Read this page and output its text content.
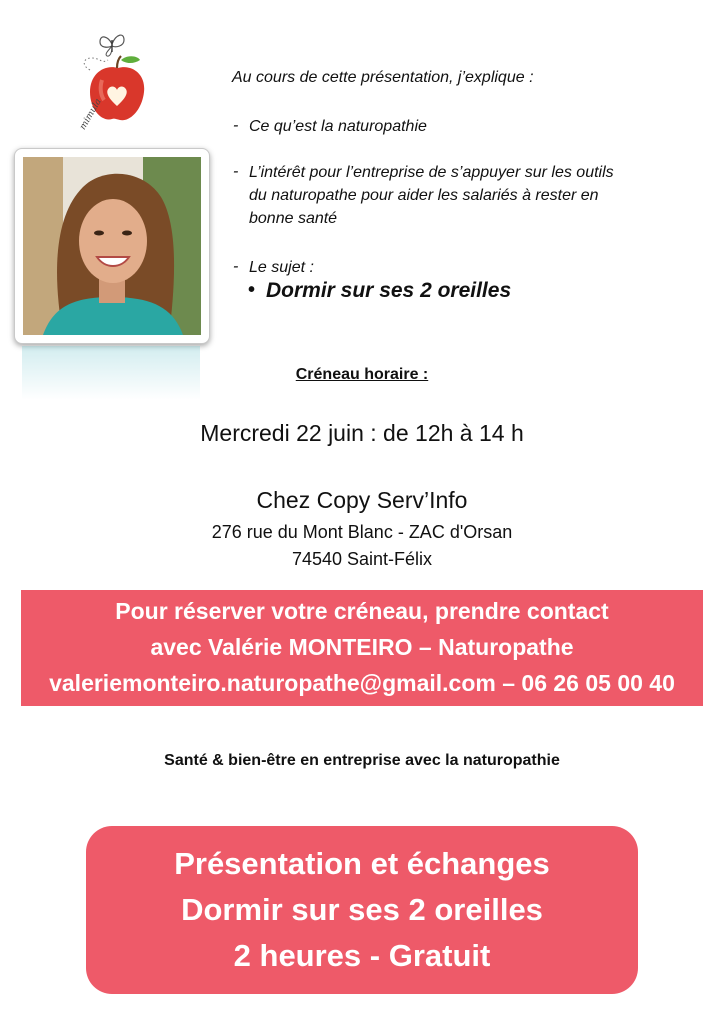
mimula
Au cours de cette présentation, j’explique :
- Ce qu’est la naturopathie
- L’intérêt pour l’entreprise de s’appuyer sur les outils
du naturopathe pour aider les salariés à rester en
bonne santé
- Le sujet :
• Dormir sur ses 2 oreilles
Créneau horaire :
Mercredi 22 juin : de 12h à 14 h
Chez Copy Serv’Info
276 rue du Mont Blanc - ZAC d'Orsan
74540 Saint-Félix
Pour réserver votre créneau, prendre contact
avec Valérie MONTEIRO – Naturopathe
valeriemonteiro.naturopathe@gmail.com – 06 26 05 00 40
Santé & bien-être en entreprise avec la naturopathie
Présentation et échanges
Dormir sur ses 2 oreilles
2 heures - Gratuit
